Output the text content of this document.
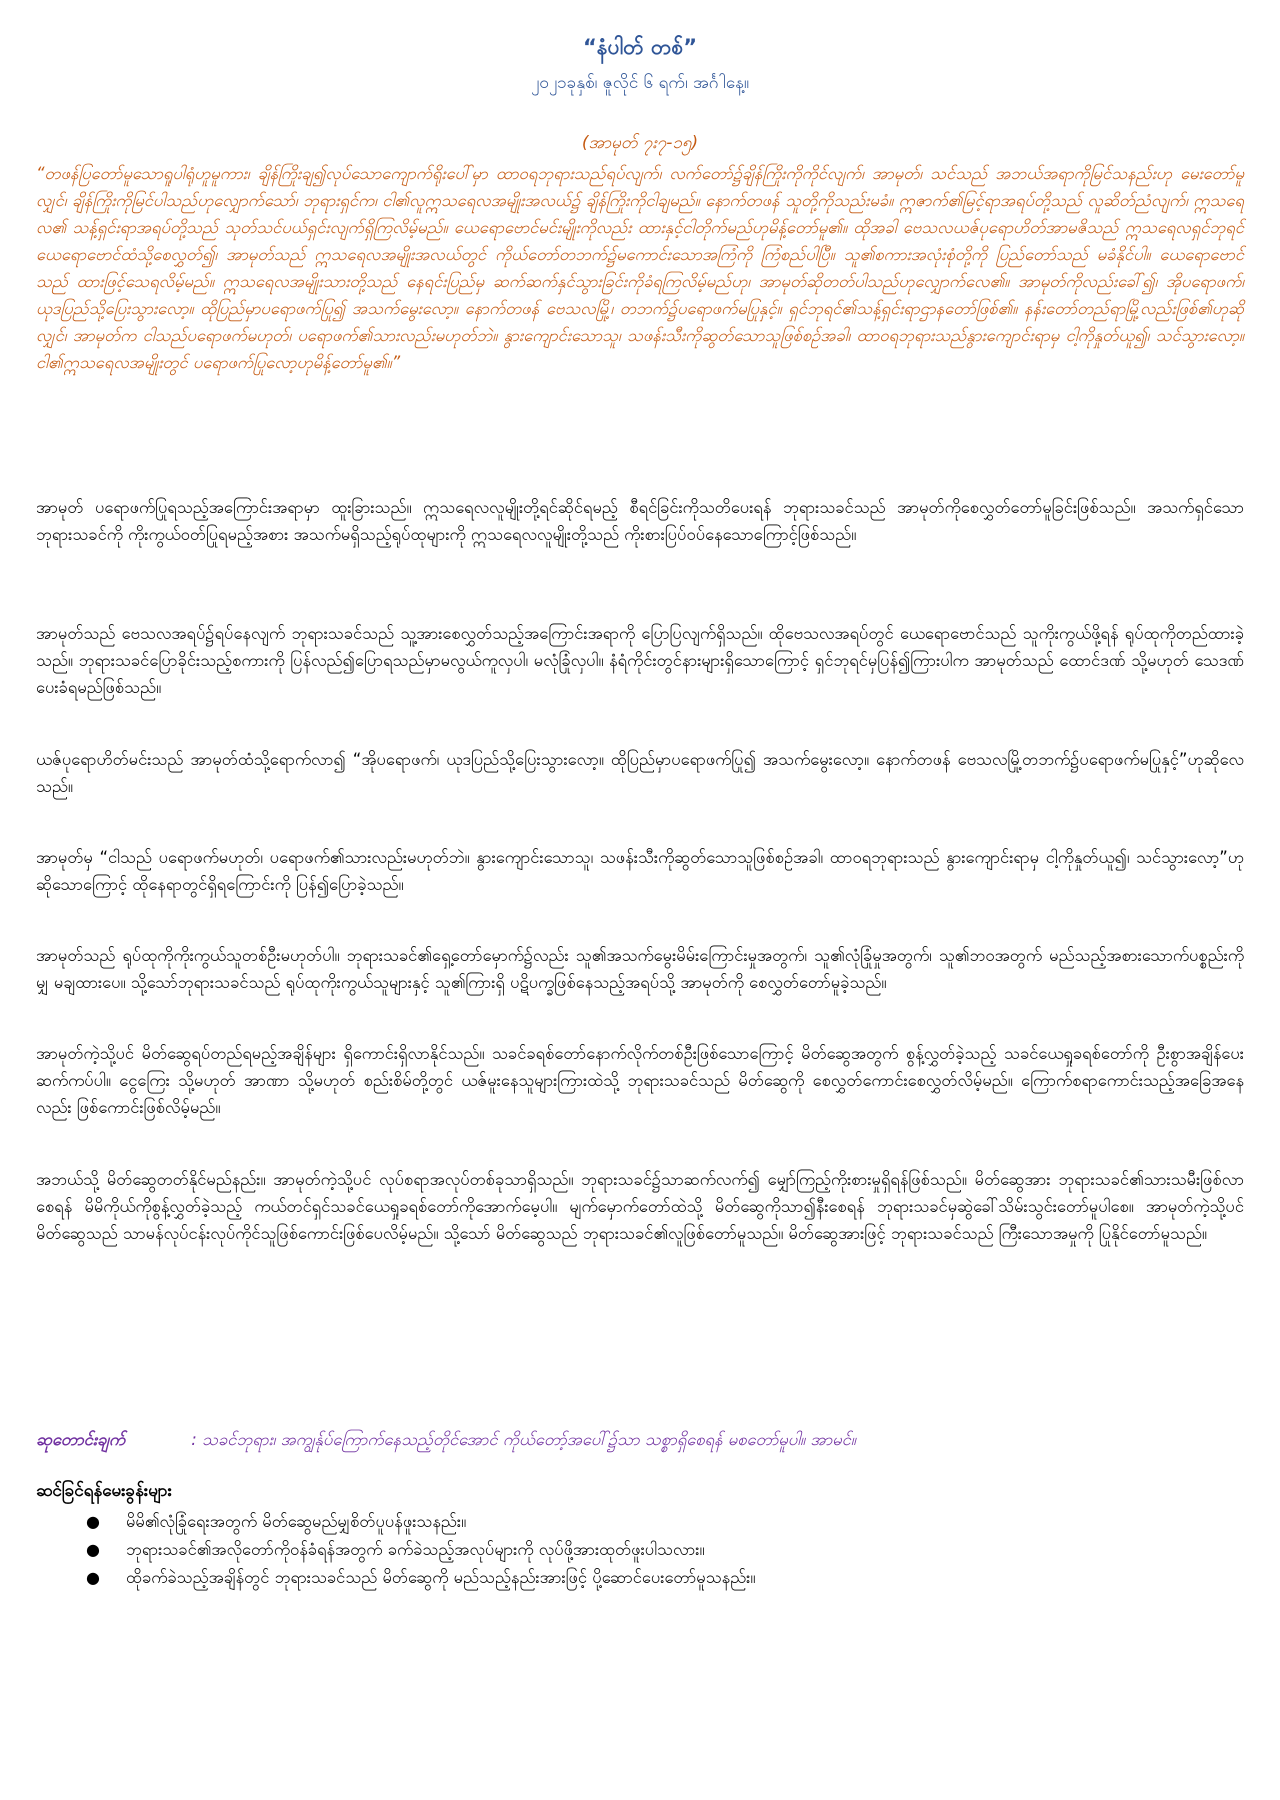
“နံပါတ် တစ်”
၂၀၂၁ခုနှစ်၊ ဇူလိုင် ၆ ရက်၊ အင်္ဂါနေ့။
(အာမုတ် ၇း၇-၁၅)

“တဖန်ပြတော်မူသောရူပါရုံဟူမူကား၊ ချိန်ကြိုးချ၍လုပ်သောကျောက်ရိုးပေါ်မှာ ထာဝရဘုရားသည်ရပ်လျက်၊ လက်တော်၌ချိန်ကြိုးကိုကိုင်လျက်၊ အာမုတ်၊ သင်သည် အဘယ်အရာကိုမြင်သနည်းဟု မေးတော်မူလျှင်၊ ချိန်ကြိုးကိုမြင်ပါသည်ဟုလျှောက်သော်၊ ဘုရားရှင်က၊ ငါ၏လူဣသရေလအမျိုးအလယ်၌ ချိန်ကြိုးကိုငါချမည်။ နောက်တဖန် သူတို့ကိုသည်းမခံ။ ဣဇာက်၏မြင့်ရာအရပ်တို့သည် လူဆိတ်ညံလျက်၊ ဣသရေလ၏ သန့်ရှင်းရာအရပ်တို့သည် သုတ်သင်ပယ်ရှင်းလျက်ရှိကြလိမ့်မည်။ ယေရောဗောင်မင်းမျိုးကိုလည်း ထားနှင့်ငါတိုက်မည်ဟုမိန့်တော်မူ၏။ ထိုအခါ ဗေသလယဇ်ပုရောဟိတ်အာမဇိသည် ဣသရေလရှင်ဘုရင်ယေရောဗောင်ထံသို့စေလွှတ်၍၊ အာမုတ်သည် ဣသရေလအမျိုးအလယ်တွင် ကိုယ်တော်တဘက်၌မကောင်းသောအကြံကို ကြံစည်ပါပြီ။ သူ၏စကားအလုံးစုံတို့ကို ပြည်တော်သည် မခံနိုင်ပါ။ ယေရောဗောင်သည် ထားဖြင့်သေရလိမ့်မည်။ ဣသရေလအမျိုးသားတို့သည် နေရင်းပြည်မှ ဆက်ဆက်နှင်သွားခြင်းကိုခံရကြလိမ့်မည်ဟု၊ အာမုတ်ဆိုတတ်ပါသည်ဟုလျှောက်လေ၏။ အာမုတ်ကိုလည်းခေါ်၍၊ အိုပရောဖက်၊ ယုဒပြည်သို့ပြေးသွားလော့။ ထိုပြည်မှာပရောဖက်ပြု၍ အသက်မွေးလော့။ နောက်တဖန် ဗေသလမြို့၊ တဘက်၌ပရောဖက်မပြုနှင့်။ ရှင်ဘုရင်၏သန့်ရှင်းရာဌာနတော်ဖြစ်၏။ နန်းတော်တည်ရာမြို့လည်းဖြစ်၏ဟုဆိုလျှင်၊ အာမုတ်က ငါသည်ပရောဖက်မဟုတ်၊ ပရောဖက်၏သားလည်းမဟုတ်ဘဲ။ နွားကျောင်းသောသူ၊ သဖန်းသီးကိုဆွတ်သောသူဖြစ်စဉ်အခါ၊ ထာဝရဘုရားသည်နွားကျောင်းရာမှ ငါ့ကိုနှုတ်ယူ၍၊ သင်သွားလော့။ ငါ၏ဣသရေလအမျိုးတွင် ပရောဖက်ပြုလော့ဟုမိန့်တော်မူ၏။”

အာမုတ် ပရောဖက်ပြုရသည့်အကြောင်းအရာမှာ ထူးခြားသည်။ ဣသရေလလူမျိုးတို့ရင်ဆိုင်ရမည့် စီရင်ခြင်းကိုသတိပေးရန် ဘုရားသခင်သည် အာမုတ်ကိုစေလွှတ်တော်မူခြင်းဖြစ်သည်။ အသက်ရှင်သောဘုရားသခင်ကို ကိုးကွယ်ဝတ်ပြုရမည့်အစား အသက်မရှိသည့်ရုပ်ထုများကို ဣသရေလလူမျိုးတို့သည် ကိုးစားပြပ်ဝပ်နေသောကြောင့်ဖြစ်သည်။

အာမုတ်သည် ဗေသလအရပ်၌ရပ်နေလျက် ဘုရားသခင်သည် သူ့အားစေလွှတ်သည့်အကြောင်းအရာကို ပြောပြလျက်ရှိသည်။ ထိုဗေသလအရပ်တွင် ယေရောဗောင်သည် သူကိုးကွယ်ဖို့ရန် ရုပ်ထုကိုတည်ထားခဲ့သည်။ ဘုရားသခင်ပြောခိုင်းသည့်စကားကို ပြန်လည်၍ပြောရသည်မှာမလွယ်ကူလှပါ၊ မလုံခြုံလှပါ။ နံရံကိုင်းတွင်နားများရှိသောကြောင့် ရှင်ဘုရင်မှပြန်၍ကြားပါက အာမုတ်သည် ထောင်ဒဏ် သို့မဟုတ် သေဒဏ်ပေးခံရမည်ဖြစ်သည်။

ယဇ်ပုရောဟိတ်မင်းသည် အာမုတ်ထံသို့ရောက်လာ၍ “အိုပရောဖက်၊ ယုဒပြည်သို့ပြေးသွားလော့။ ထိုပြည်မှာပရောဖက်ပြု၍ အသက်မွေးလော့။ နောက်တဖန် ဗေသလမြို့တဘက်၌ပရောဖက်မပြုနှင့်”ဟုဆိုလေသည်။

အာမုတ်မှ “ငါသည် ပရောဖက်မဟုတ်၊ ပရောဖက်၏သားလည်းမဟုတ်ဘဲ။ နွားကျောင်းသောသူ၊ သဖန်းသီးကိုဆွတ်သောသူဖြစ်စဉ်အခါ၊ ထာဝရဘုရားသည် နွားကျောင်းရာမှ ငါ့ကိုနှုတ်ယူ၍၊ သင်သွားလော့”ဟု ဆိုသောကြောင့် ထိုနေရာတွင်ရှိရကြောင်းကို ပြန်၍ပြောခဲ့သည်။

အာမုတ်သည် ရုပ်ထုကိုကိုးကွယ်သူတစ်ဦးမဟုတ်ပါ။ ဘုရားသခင်၏ရှေ့တော်မှောက်၌လည်း သူ၏အသက်မွေးမိမ်းကြောင်းမှုအတွက်၊ သူ၏လုံခြုံမှုအတွက်၊ သူ၏ဘဝအတွက် မည်သည့်အစားသောက်ပစ္စည်းကိုမျှ မချထားပေ။ သို့သော်ဘုရားသခင်သည် ရုပ်ထုကိုးကွယ်သူများနှင့် သူ၏ကြားရှိ ပဋိပက္ခဖြစ်နေသည့်အရပ်သို့ အာမုတ်ကို စေလွှတ်တော်မူခဲ့သည်။

အာမုတ်ကဲ့သို့ပင် မိတ်ဆွေရပ်တည်ရမည့်အချိန်များ ရှိကောင်းရှိလာနိုင်သည်။ သခင်ခရစ်တော်နောက်လိုက်တစ်ဦးဖြစ်သောကြောင့် မိတ်ဆွေအတွက် စွန့်လွှတ်ခဲ့သည့် သခင်ယေရှုခရစ်တော်ကို ဦးစွာအချိန်ပေးဆက်ကပ်ပါ။ ငွေကြေး သို့မဟုတ် အာဏာ သို့မဟုတ် စည်းစိမ်တို့တွင် ယဇ်မူးနေသူများကြားထဲသို့ ဘုရားသခင်သည် မိတ်ဆွေကို စေလွှတ်ကောင်းစေလွှတ်လိမ့်မည်။ ကြောက်စရာကောင်းသည့်အခြေအနေလည်း ဖြစ်ကောင်းဖြစ်လိမ့်မည်။

အဘယ်သို့ မိတ်ဆွေတတ်နိုင်မည်နည်း။ အာမုတ်ကဲ့သို့ပင် လုပ်စရာအလုပ်တစ်ခုသာရှိသည်။ ဘုရားသခင်၌သာဆက်လက်၍ မျှော်ကြည့်ကိုးစားမှုရှိရန်ဖြစ်သည်။ မိတ်ဆွေအား ဘုရားသခင်၏သားသမီးဖြစ်လာစေရန် မိမိကိုယ်ကိုစွန့်လွှတ်ခဲ့သည့် ကယ်တင်ရှင်သခင်ယေရှုခရစ်တော်ကိုအောက်မေ့ပါ။ မျက်မှောက်တော်ထဲသို့ မိတ်ဆွေကိုသာ၍နီးစေရန် ဘုရားသခင်မှဆွဲခေါ်သိမ်းသွင်းတော်မူပါစေ။ အာမုတ်ကဲ့သို့ပင် မိတ်ဆွေသည် သာမန်လုပ်ငန်းလုပ်ကိုင်သူဖြစ်ကောင်းဖြစ်ပေလိမ့်မည်။ သို့သော် မိတ်ဆွေသည် ဘုရားသခင်၏လူဖြစ်တော်မူသည်။ မိတ်ဆွေအားဖြင့် ဘုရားသခင်သည် ကြီးသောအမှုကို ပြုနိုင်တော်မူသည်။

ဆုတောင်းချက်	: သခင်ဘုရား၊ အကျွန်ုပ်ကြောက်နေသည့်တိုင်အောင် ကိုယ်တော့်အပေါ်၌သာ သစ္စာရှိစေရန် မစတော်မူပါ။ အာမင်။

ဆင်ခြင်ရန်မေးခွန်းများ

● မိမိ၏လုံခြုံရေးအတွက် မိတ်ဆွေမည်မျှစိတ်ပူပန်ဖူးသနည်း။
● ဘုရားသခင်၏အလိုတော်ကိုဝန်ခံရန်အတွက် ခက်ခဲသည့်အလုပ်များကို လုပ်ဖို့အားထုတ်ဖူးပါသလား။
● ထိုခက်ခဲသည့်အချိန်တွင် ဘုရားသခင်သည် မိတ်ဆွေကို မည်သည့်နည်းအားဖြင့် ပို့ဆောင်ပေးတော်မူသနည်း။
